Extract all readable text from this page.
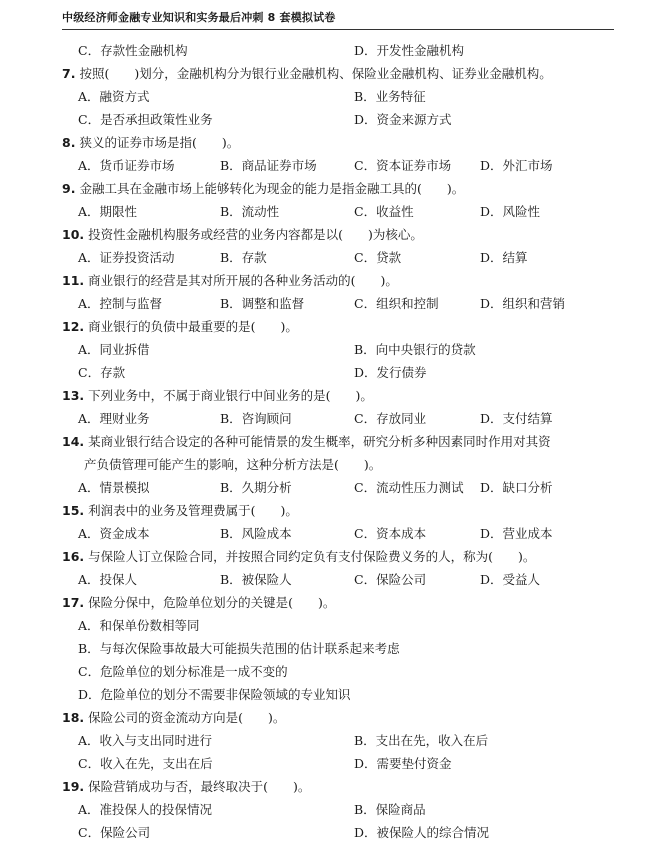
中级经济师金融专业知识和实务最后冲刺 8 套模拟试卷
C．存款性金融机构	D．开发性金融机构
7. 按照(　　)划分，金融机构分为银行业金融机构、保险业金融机构、证券业金融机构。
A．融资方式	B．业务特征
C．是否承担政策性业务	D．资金来源方式
8. 狭义的证券市场是指(　　)。
A．货币证券市场	B．商品证券市场	C．资本证券市场 D．外汇市场
9. 金融工具在金融市场上能够转化为现金的能力是指金融工具的(　　)。
A．期限性	B．流动性	C．收益性	D．风险性
10. 投资性金融机构服务或经营的业务内容都是以(　　)为核心。
A．证券投资活动	B．存款	C．贷款	D．结算
11. 商业银行的经营是其对所开展的各种业务活动的(　　)。
A．控制与监督	B．调整和监督	C．组织和控制	D．组织和营销
12. 商业银行的负债中最重要的是(　　)。
A．同业拆借	B．向中央银行的贷款
C．存款	D．发行债券
13. 下列业务中，不属于商业银行中间业务的是(　　)。
A．理财业务	B．咨询顾问	C．存放同业	D．支付结算
14. 某商业银行结合设定的各种可能情景的发生概率，研究分析多种因素同时作用对其资
产负债管理可能产生的影响，这种分析方法是(　　)。
A．情景模拟	B．久期分析	C．流动性压力测试 D．缺口分析
15. 利润表中的业务及管理费属于(　　)。
A．资金成本	B．风险成本	C．资本成本	D．营业成本
16. 与保险人订立保险合同，并按照合同约定负有支付保险费义务的人，称为(　　)。
A．投保人	B．被保险人	C．保险公司	D．受益人
17. 保险分保中，危险单位划分的关键是(　　)。
A．和保单份数相等同
B．与每次保险事故最大可能损失范围的估计联系起来考虑
C．危险单位的划分标准是一成不变的
D．危险单位的划分不需要非保险领域的专业知识
18. 保险公司的资金流动方向是(　　)。
A．收入与支出同时进行	B．支出在先，收入在后
C．收入在先，支出在后	D．需要垫付资金
19. 保险营销成功与否，最终取决于(　　)。
A．准投保人的投保情况	B．保险商品
C．保险公司	D．被保险人的综合情况
